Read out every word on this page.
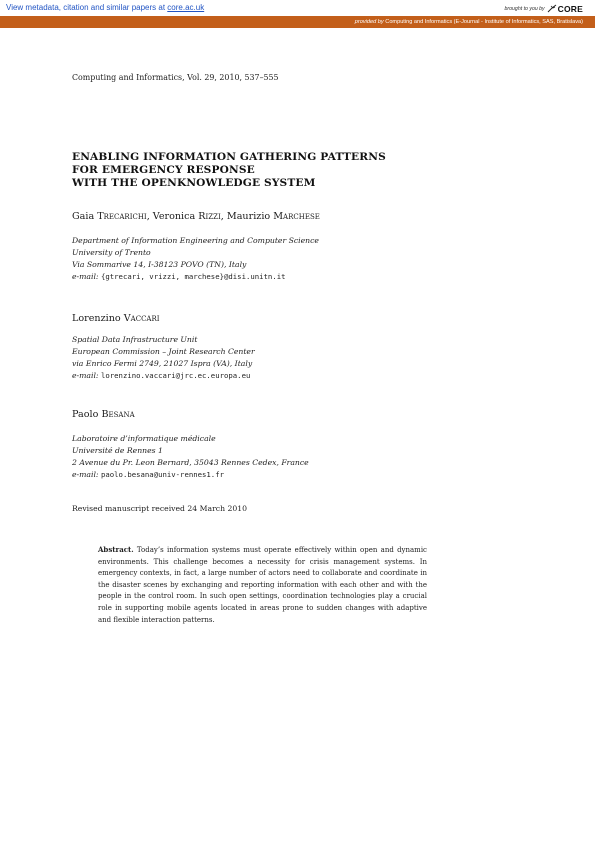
View metadata, citation and similar papers at core.ac.uk	brought to you by CORE
provided by Computing and Informatics (E-Journal - Institute of Informatics, SAS, Bratislava)
Computing and Informatics, Vol. 29, 2010, 537–555
ENABLING INFORMATION GATHERING PATTERNS
FOR EMERGENCY RESPONSE
WITH THE OPENKNOWLEDGE SYSTEM
Gaia Trecarichi, Veronica Rizzi, Maurizio Marchese
Department of Information Engineering and Computer Science
University of Trento
Via Sommarive 14, I-38123 POVO (TN), Italy
e-mail: {gtrecari, vrizzi, marchese}@disi.unitn.it
Lorenzino Vaccari
Spatial Data Infrastructure Unit
European Commission – Joint Research Center
via Enrico Fermi 2749, 21027 Ispra (VA), Italy
e-mail: lorenzino.vaccari@jrc.ec.europa.eu
Paolo Besana
Laboratoire d’informatique médicale
Université de Rennes 1
2 Avenue du Pr. Leon Bernard, 35043 Rennes Cedex, France
e-mail: paolo.besana@univ-rennes1.fr
Revised manuscript received 24 March 2010

Abstract. Today’s information systems must operate effectively within open and dynamic environments. This challenge becomes a necessity for crisis management systems. In emergency contexts, in fact, a large number of actors need to collaborate and coordinate in the disaster scenes by exchanging and reporting information with each other and with the people in the control room. In such open settings, coordination technologies play a crucial role in supporting mobile agents located in areas prone to sudden changes with adaptive and flexible interaction patterns.
